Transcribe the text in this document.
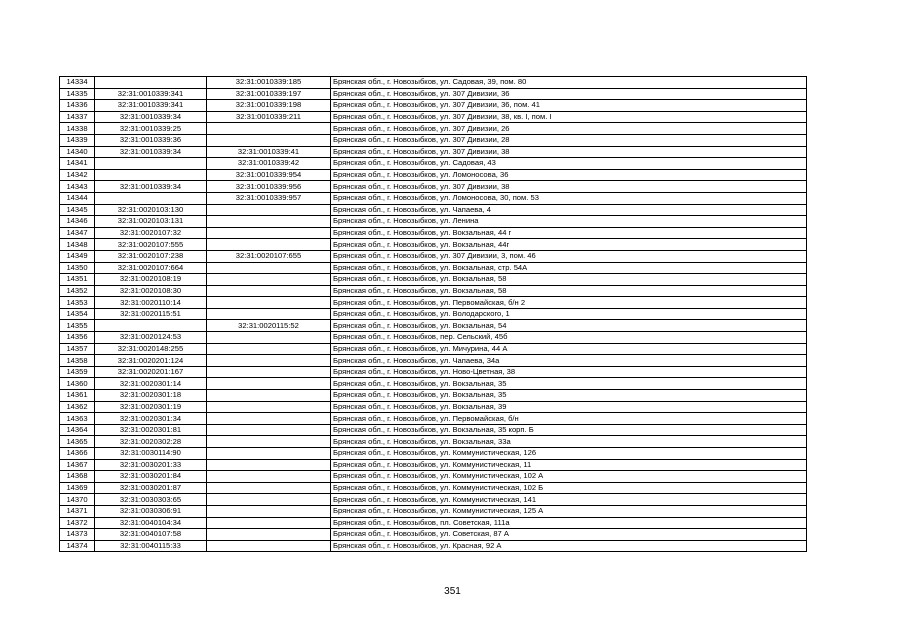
14334		32:31:0010339:185	Брянская обл., г. Новозыбков, ул. Садовая, 39, пом. 80
14335	32:31:0010339:341	32:31:0010339:197	Брянская обл., г. Новозыбков, ул. 307 Дивизии, 36
14336	32:31:0010339:341	32:31:0010339:198	Брянская обл., г. Новозыбков, ул. 307 Дивизии, 36, пом. 41
14337	32:31:0010339:34	32:31:0010339:211	Брянская обл., г. Новозыбков, ул. 307 Дивизии, 38, кв. I, пом. I
14338	32:31:0010339:25		Брянская обл., г. Новозыбков, ул. 307 Дивизии, 26
14339	32:31:0010339:36		Брянская обл., г. Новозыбков, ул. 307 Дивизии, 28
14340	32:31:0010339:34	32:31:0010339:41	Брянская обл., г. Новозыбков, ул. 307 Дивизии, 38
14341		32:31:0010339:42	Брянская обл., г. Новозыбков, ул. Садовая, 43
14342		32:31:0010339:954	Брянская обл., г. Новозыбков, ул. Ломоносова, 36
14343	32:31:0010339:34	32:31:0010339:956	Брянская обл., г. Новозыбков, ул. 307 Дивизии, 38
14344		32:31:0010339:957	Брянская обл., г. Новозыбков, ул. Ломоносова, 30, пом. 53
14345	32:31:0020103:130		Брянская обл., г. Новозыбков, ул. Чапаева, 4
14346	32:31:0020103:131		Брянская обл., г. Новозыбков, ул. Ленина
14347	32:31:0020107:32		Брянская обл., г. Новозыбков, ул. Вокзальная, 44 г
14348	32:31:0020107:555		Брянская обл., г. Новозыбков, ул. Вокзальная, 44г
14349	32:31:0020107:238	32:31:0020107:655	Брянская обл., г. Новозыбков, ул. 307 Дивизии, 3, пом. 46
14350	32:31:0020107:664		Брянская обл., г. Новозыбков, ул. Вокзальная, стр. 54А
14351	32:31:0020108:19		Брянская обл., г. Новозыбков, ул. Вокзальная, 58
14352	32:31:0020108:30		Брянская обл., г. Новозыбков, ул. Вокзальная, 58
14353	32:31:0020110:14		Брянская обл., г. Новозыбков, ул. Первомайская, б/н 2
14354	32:31:0020115:51		Брянская обл., г. Новозыбков, ул. Володарского, 1
14355		32:31:0020115:52	Брянская обл., г. Новозыбков, ул. Вокзальная, 54
14356	32:31:0020124:53		Брянская обл., г. Новозыбков, пер. Сельский, 45б
14357	32:31:0020148:255		Брянская обл., г. Новозыбков, ул. Мичурина, 44 А
14358	32:31:0020201:124		Брянская обл., г. Новозыбков, ул. Чапаева, 34а
14359	32:31:0020201:167		Брянская обл., г. Новозыбков, ул. Ново-Цветная, 38
14360	32:31:0020301:14		Брянская обл., г. Новозыбков, ул. Вокзальная, 35
14361	32:31:0020301:18		Брянская обл., г. Новозыбков, ул. Вокзальная, 35
14362	32:31:0020301:19		Брянская обл., г. Новозыбков, ул. Вокзальная, 39
14363	32:31:0020301:34		Брянская обл., г. Новозыбков, ул. Первомайская, б/н
14364	32:31:0020301:81		Брянская обл., г. Новозыбков, ул. Вокзальная, 35 корп. Б
14365	32:31:0020302:28		Брянская обл., г. Новозыбков, ул. Вокзальная, 33а
14366	32:31:0030114:90		Брянская обл., г. Новозыбков, ул. Коммунистическая, 126
14367	32:31:0030201:33		Брянская обл., г. Новозыбков, ул. Коммунистическая, 11
14368	32:31:0030201:84		Брянская обл., г. Новозыбков, ул. Коммунистическая, 102 А
14369	32:31:0030201:87		Брянская обл., г. Новозыбков, ул. Коммунистическая, 102 Б
14370	32:31:0030303:65		Брянская обл., г. Новозыбков, ул. Коммунистическая, 141
14371	32:31:0030306:91		Брянская обл., г. Новозыбков, ул. Коммунистическая, 125 А
14372	32:31:0040104:34		Брянская обл., г. Новозыбков, пл. Советская, 111а
14373	32:31:0040107:58		Брянская обл., г. Новозыбков, ул. Советская, 87 А
14374	32:31:0040115:33		Брянская обл., г. Новозыбков, ул. Красная, 92 А
351
